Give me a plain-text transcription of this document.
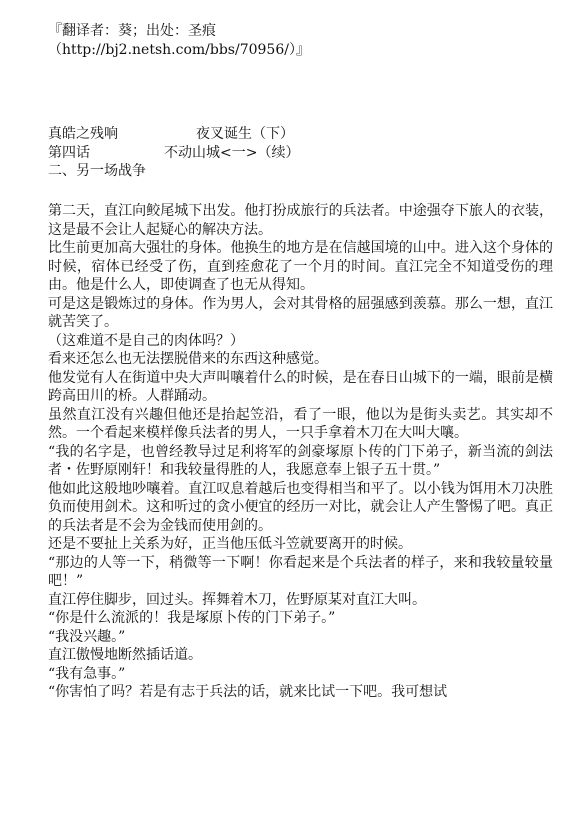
『翻译者：葵；出处：圣痕
（http://bj2.netsh.com/bbs/70956/）』
真皓之残响	夜叉诞生（下）
第四话	不动山城<一>（续）
二、另一场战争

第二天，直江向鲛尾城下出发。他打扮成旅行的兵法者。中途强夺下旅人的衣装，这是最不会让人起疑心的解决方法。

比生前更加高大强壮的身体。他换生的地方是在信越国境的山中。进入这个身体的时候，宿体已经受了伤，直到痊愈花了一个月的时间。直江完全不知道受伤的理由。他是什么人，即使调查了也无从得知。

可是这是锻炼过的身体。作为男人，会对其骨格的屈强感到羡慕。那么一想，直江就苦笑了。

（这难道不是自己的肉体吗？）

看来还怎么也无法摆脱借来的东西这种感觉。

他发觉有人在街道中央大声叫嚷着什么的时候，是在春日山城下的一端，眼前是横跨高田川的桥。人群踊动。

虽然直江没有兴趣但他还是抬起笠沿，看了一眼，他以为是街头卖艺。其实却不然。一个看起来模样像兵法者的男人，一只手拿着木刀在大叫大嚷。

“我的名字是，也曾经教导过足利将军的剑豪塚原卜传的门下弟子，新当流的剑法者・佐野原刚轩！和我较量得胜的人，我愿意奉上银子五十贯。”

他如此这般地吵嚷着。直江叹息着越后也变得相当和平了。以小钱为饵用木刀决胜负而使用剑术。这和听过的贪小便宜的经历一对比，就会让人产生警惕了吧。真正的兵法者是不会为金钱而使用剑的。

还是不要扯上关系为好，正当他压低斗笠就要离开的时候。

“那边的人等一下，稍微等一下啊！你看起来是个兵法者的样子，来和我较量较量吧！”

直江停住脚步，回过头。挥舞着木刀，佐野原某对直江大叫。

“你是什么流派的！我是塚原卜传的门下弟子。”

“我没兴趣。”

直江傲慢地断然插话道。

“我有急事。”

“你害怕了吗？若是有志于兵法的话，就来比试一下吧。我可想试
